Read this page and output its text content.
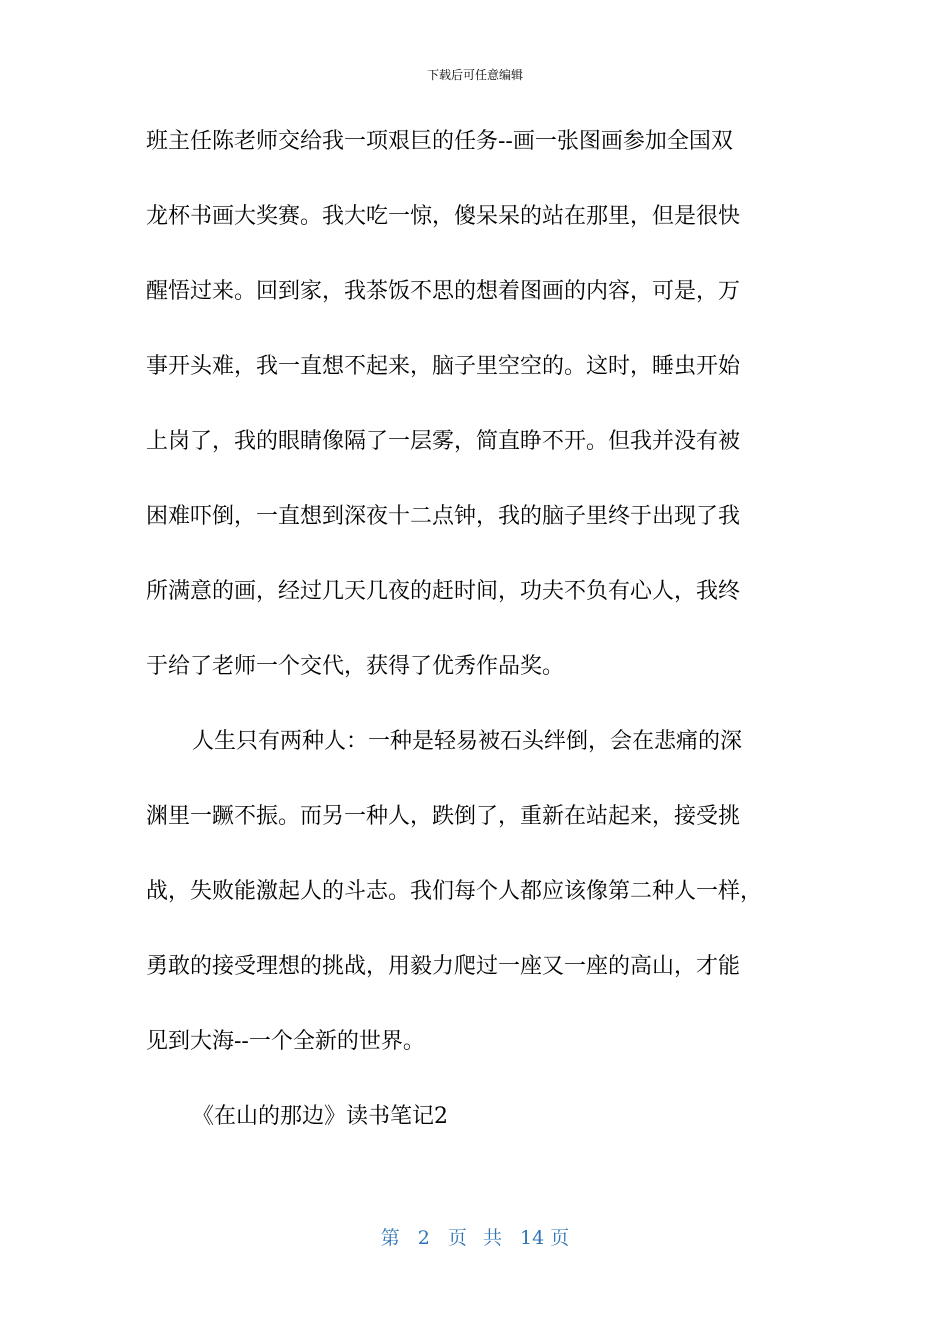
下载后可任意编辑
班主任陈老师交给我一项艰巨的任务--画一张图画参加全国双
龙杯书画大奖赛。我大吃一惊，傻呆呆的站在那里，但是很快
醒悟过来。回到家，我茶饭不思的想着图画的内容，可是，万
事开头难，我一直想不起来，脑子里空空的。这时，睡虫开始
上岗了，我的眼睛像隔了一层雾，简直睁不开。但我并没有被
困难吓倒，一直想到深夜十二点钟，我的脑子里终于出现了我
所满意的画，经过几天几夜的赶时间，功夫不负有心人，我终
于给了老师一个交代，获得了优秀作品奖。
人生只有两种人：一种是轻易被石头绊倒，会在悲痛的深
渊里一蹶不振。而另一种人，跌倒了，重新在站起来，接受挑
战，失败能激起人的斗志。我们每个人都应该像第二种人一样，
勇敢的接受理想的挑战，用毅力爬过一座又一座的高山，才能
见到大海--一个全新的世界。
《在山的那边》读书笔记2
第 2 页 共 14 页
